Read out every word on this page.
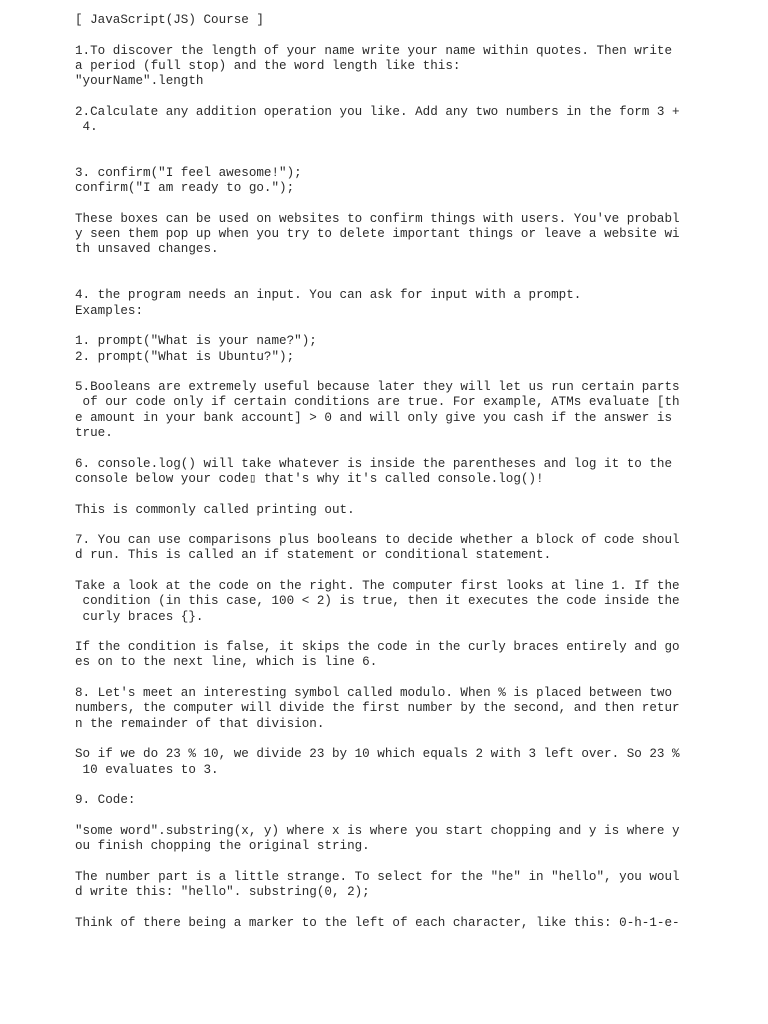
[ JavaScript(JS) Course ]
1.To discover the length of your name write your name within quotes. Then write
a period (full stop) and the word length like this:
"yourName".length
2.Calculate any addition operation you like. Add any two numbers in the form 3 +
4.
3. confirm("I feel awesome!");
confirm("I am ready to go.");
These boxes can be used on websites to confirm things with users. You've probabl
y seen them pop up when you try to delete important things or leave a website wi
th unsaved changes.
4. the program needs an input. You can ask for input with a prompt.
Examples:
1. prompt("What is your name?");
2. prompt("What is Ubuntu?");
5.Booleans are extremely useful because later they will let us run certain parts
of our code only if certain conditions are true. For example, ATMs evaluate [th
e amount in your bank account] > 0 and will only give you cash if the answer is
true.
6. console.log() will take whatever is inside the parentheses and log it to the
console below your code▯ that's why it's called console.log()!
This is commonly called printing out.
7. You can use comparisons plus booleans to decide whether a block of code shoul
d run. This is called an if statement or conditional statement.
Take a look at the code on the right. The computer first looks at line 1. If the
condition (in this case, 100 < 2) is true, then it executes the code inside the
curly braces {}.
If the condition is false, it skips the code in the curly braces entirely and go
es on to the next line, which is line 6.
8. Let's meet an interesting symbol called modulo. When % is placed between two
numbers, the computer will divide the first number by the second, and then retur
n the remainder of that division.
So if we do 23 % 10, we divide 23 by 10 which equals 2 with 3 left over. So 23 %
10 evaluates to 3.
9. Code:
"some word".substring(x, y) where x is where you start chopping and y is where y
ou finish chopping the original string.
The number part is a little strange. To select for the "he" in "hello", you woul
d write this: "hello". substring(0, 2);
Think of there being a marker to the left of each character, like this: 0-h-1-e-
